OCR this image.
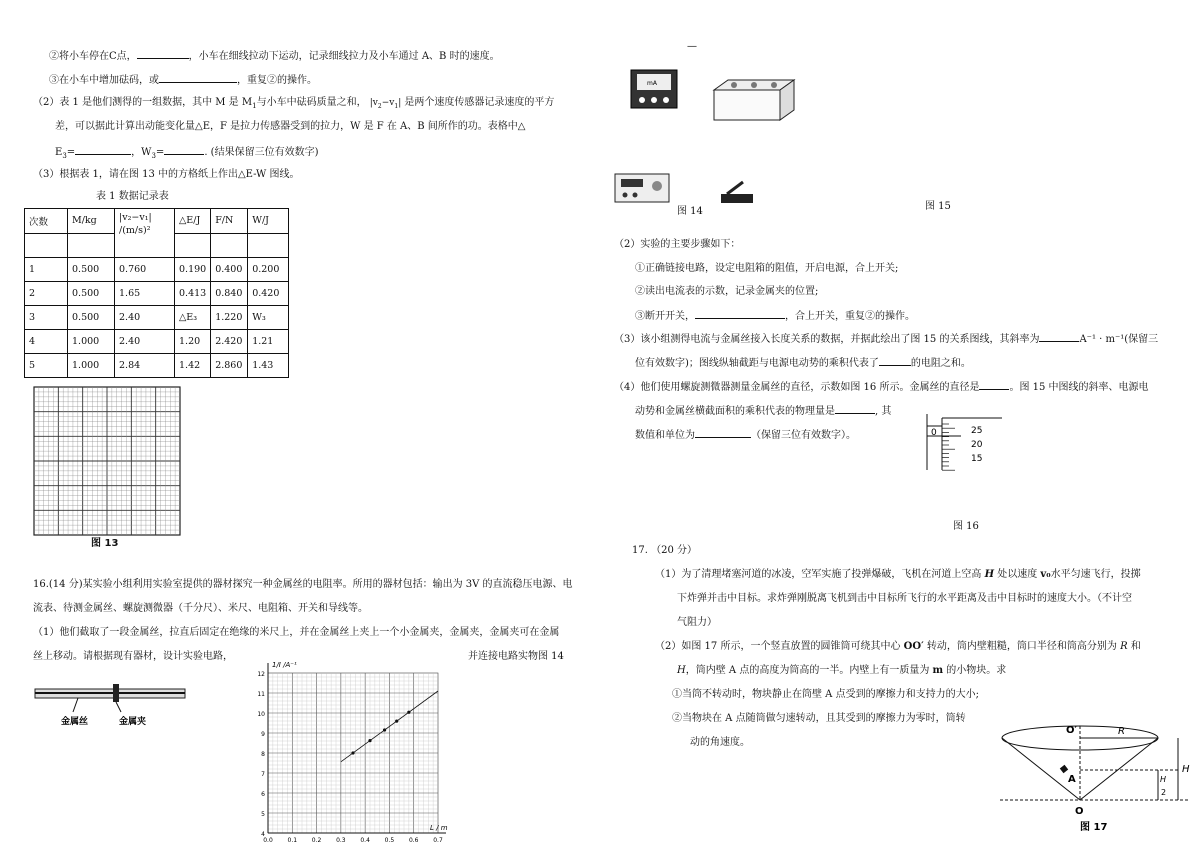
②将小车停在C点，	，小车在细线拉动下运动，记录细线拉力及小车通过 A、B 时的速度。
③在小车中增加砝码，或	，重复②的操作。
（2）表 1 是他们测得的一组数据，其中 M 是 $M_1$与小车中砝码质量之和， $|v_2-v_1|$ 是两个速度传感器记录速度的平方
差，可以据此计算出动能变化量△E，F 是拉力传感器受到的拉力，W 是 F 在 A、B 间所作的功。表格中△
$E_3=$	，$W_3=$	. (结果保留三位有效数字)
（3）根据表 1，请在图 13 中的方格纸上作出△E-W 图线。
表 1 数据记录表
次数	M/kg	|v₂−v₁|
/(m/s)²	△E/J	F/N	W/J

1	0.500	0.760	0.190	0.400	0.200
2	0.500	1.65	0.413	0.840	0.420
3	0.500	2.40	△E₃	1.220	W₃
4	1.000	2.40	1.20	2.420	1.21
5	1.000	2.84	1.42	2.860	1.43
图 13
16.(14 分)某实验小组利用实验室提供的器材探究一种金属丝的电阻率。所用的器材包括：输出为 3V 的直流稳压电源、电
流表、待测金属丝、螺旋测微器（千分尺）、米尺、电阻箱、开关和导线等。
（1）他们截取了一段金属丝，拉直后固定在绝缘的米尺上，并在金属丝上夹上一个小金属夹，金属夹，金属夹可在金属
丝上移动。请根据现有器材，设计实验电路，	并连接电路实物图 14
金属丝	金属夹
12
11
10
9
8
7
6
5
4
0.0 0.1 0.2 0.3 0.4 0.5 0.6 0.7
1/I /A⁻¹
L / m
—
mA
图 14	图 15
（2）实验的主要步骤如下：
①正确链接电路，设定电阻箱的阻值，开启电源，合上开关;
②读出电流表的示数，记录金属夹的位置;
③断开开关，	，合上开关，重复②的操作。
（3）该小组测得电流与金属丝接入长度关系的数据，并据此绘出了图 15 的关系图线，其斜率为	A⁻¹ · m⁻¹(保留三
位有效数字)；图线纵轴截距与电源电动势的乘积代表了	的电阻之和。
（4）他们使用螺旋测微器测量金属丝的直径，示数如图 16 所示。金属丝的直径是	。图 15 中图线的斜率、电源电
动势和金属丝横截面积的乘积代表的物理量是	, 其
数值和单位为	（保留三位有效数字）。	0	25
20
15
图 16
17. （20 分）
（1）为了清理堵塞河道的冰凌，空军实施了投弹爆破，飞机在河道上空高 H 处以速度 v₀水平匀速飞行，投掷
下炸弹并击中目标。求炸弹刚脱离飞机到击中目标所飞行的水平距离及击中目标时的速度大小。（不计空
气阻力）
（2）如图 17 所示，一个竖直放置的圆锥筒可绕其中心 OO′ 转动，筒内壁粗糙，筒口半径和筒高分别为 R 和
H，筒内壁 A 点的高度为筒高的一半。内壁上有一质量为 m 的小物块。求
①当筒不转动时，物块静止在筒壁 A 点受到的摩擦力和支持力的大小;
②当物块在 A 点随筒做匀速转动，且其受到的摩擦力为零时，筒转
动的角速度。
O′	R
A
H
H
2
O
图 17
